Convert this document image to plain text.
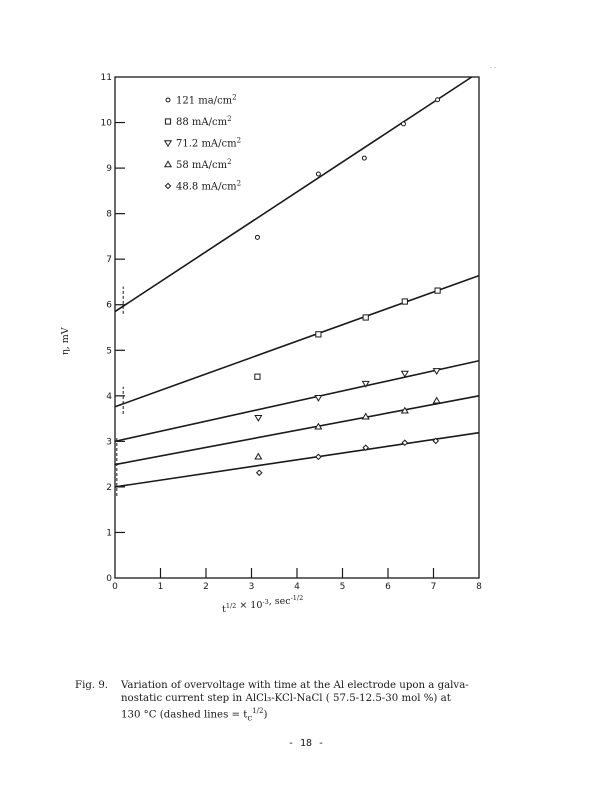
0
1
2
3
4
5
6
7
8
9
10
11
0	1	2	3	4	5	6	7	8
121 $ma/cm^2$
88 $mA/cm^2$
71.2 $mA/cm^2$
58 $mA/cm^2$
48.8 $mA/cm^2$
$t^{1/2} \times 10^{-3}$, $\sec^{-1/2}$
η, mV
- -
Fig. 9. Variation of overvoltage with time at the Al electrode upon a galva-
nostatic current step in AlCl₃-KCl-NaCl ( 57.5-12.5-30 mol %) at
130 °C (dashed lines = $t_c^{1/2}$)
- 18 -
